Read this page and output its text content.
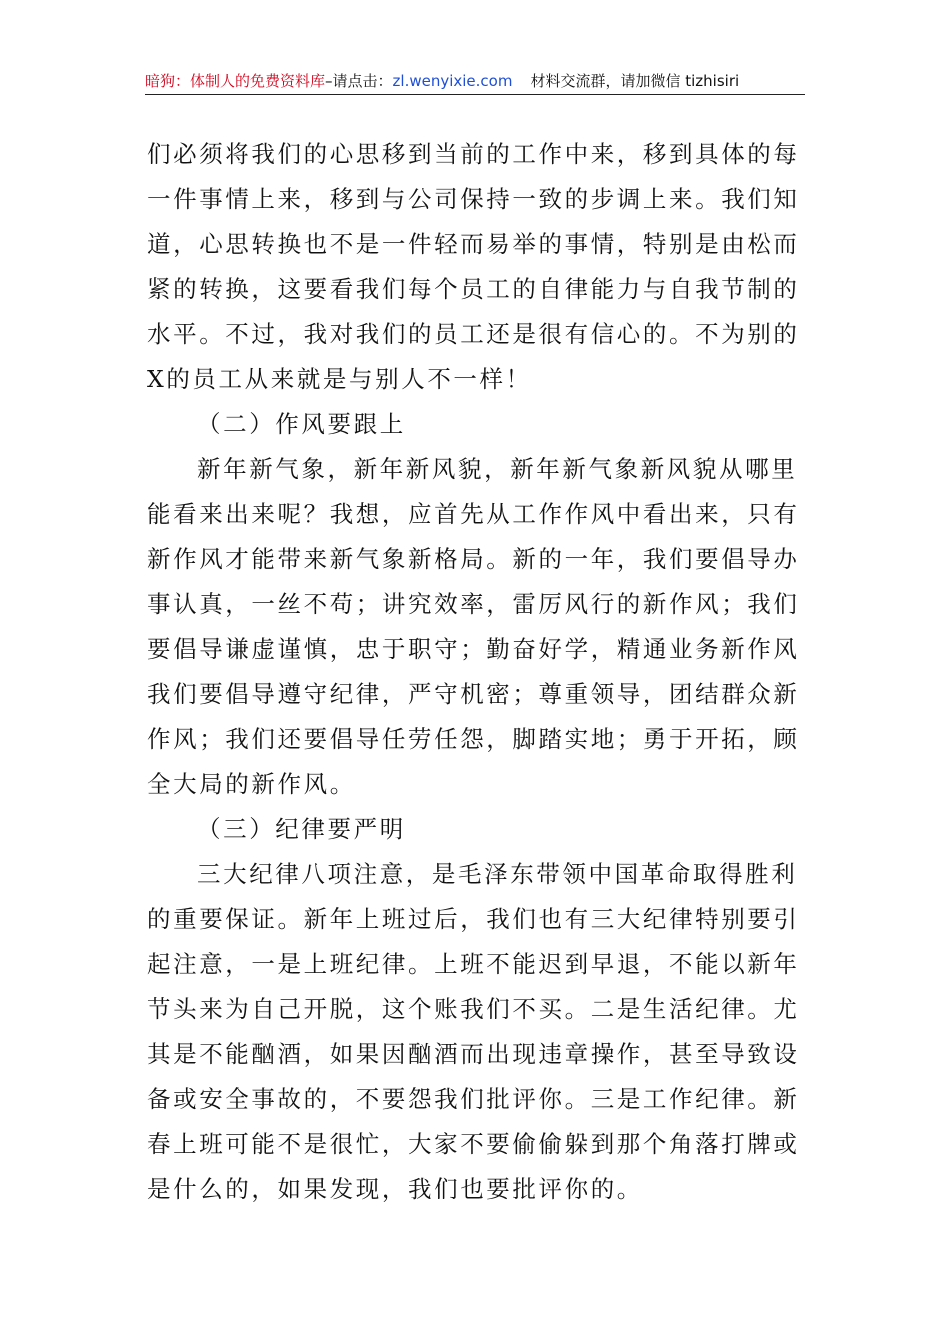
暗狗：体制人的免费资料库–请点击：zl.wenyixie.com 材料交流群，请加微信 tizhisiri
们必须将我们的心思移到当前的工作中来，移到具体的每
一件事情上来，移到与公司保持一致的步调上来。我们知
道，心思转换也不是一件轻而易举的事情，特别是由松而
紧的转换，这要看我们每个员工的自律能力与自我节制的
水平。不过，我对我们的员工还是很有信心的。不为别的
X的员工从来就是与别人不一样！
（二）作风要跟上
新年新气象，新年新风貌，新年新气象新风貌从哪里
能看来出来呢？我想，应首先从工作作风中看出来，只有
新作风才能带来新气象新格局。新的一年，我们要倡导办
事认真，一丝不苟；讲究效率，雷厉风行的新作风；我们
要倡导谦虚谨慎，忠于职守；勤奋好学，精通业务新作风
我们要倡导遵守纪律，严守机密；尊重领导，团结群众新
作风；我们还要倡导任劳任怨，脚踏实地；勇于开拓，顾
全大局的新作风。
（三）纪律要严明
三大纪律八项注意，是毛泽东带领中国革命取得胜利
的重要保证。新年上班过后，我们也有三大纪律特别要引
起注意，一是上班纪律。上班不能迟到早退，不能以新年
节头来为自己开脱，这个账我们不买。二是生活纪律。尤
其是不能酗酒，如果因酗酒而出现违章操作，甚至导致设
备或安全事故的，不要怨我们批评你。三是工作纪律。新
春上班可能不是很忙，大家不要偷偷躲到那个角落打牌或
是什么的，如果发现，我们也要批评你的。
